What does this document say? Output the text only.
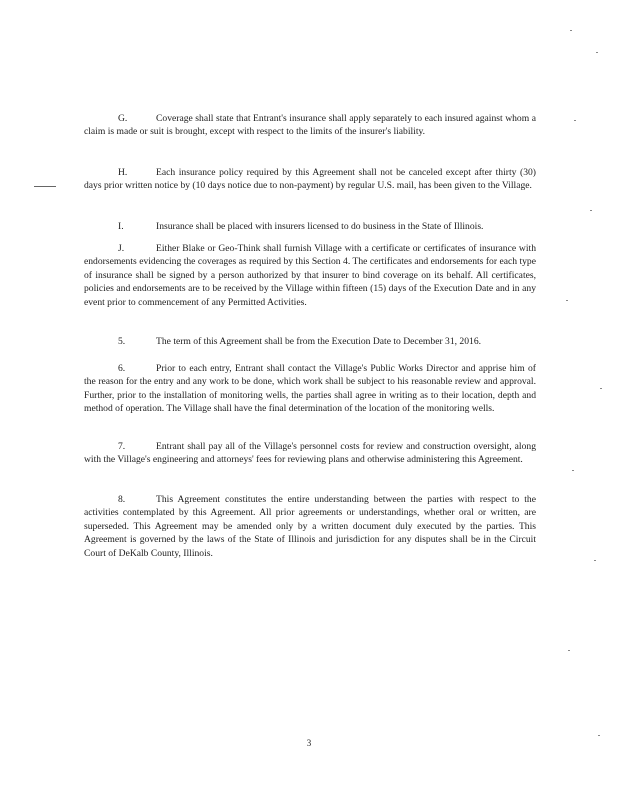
G.	Coverage shall state that Entrant's insurance shall apply separately to each insured against whom a claim is made or suit is brought, except with respect to the limits of the insurer's liability.
H.	Each insurance policy required by this Agreement shall not be canceled except after thirty (30) days prior written notice by (10 days notice due to non-payment) by regular U.S. mail, has been given to the Village.
I.	Insurance shall be placed with insurers licensed to do business in the State of Illinois.
J.	Either Blake or Geo-Think shall furnish Village with a certificate or certificates of insurance with endorsements evidencing the coverages as required by this Section 4. The certificates and endorsements for each type of insurance shall be signed by a person authorized by that insurer to bind coverage on its behalf. All certificates, policies and endorsements are to be received by the Village within fifteen (15) days of the Execution Date and in any event prior to commencement of any Permitted Activities.
5.	The term of this Agreement shall be from the Execution Date to December 31, 2016.
6.	Prior to each entry, Entrant shall contact the Village's Public Works Director and apprise him of the reason for the entry and any work to be done, which work shall be subject to his reasonable review and approval. Further, prior to the installation of monitoring wells, the parties shall agree in writing as to their location, depth and method of operation. The Village shall have the final determination of the location of the monitoring wells.
7.	Entrant shall pay all of the Village's personnel costs for review and construction oversight, along with the Village's engineering and attorneys' fees for reviewing plans and otherwise administering this Agreement.
8.	This Agreement constitutes the entire understanding between the parties with respect to the activities contemplated by this Agreement. All prior agreements or understandings, whether oral or written, are superseded. This Agreement may be amended only by a written document duly executed by the parties. This Agreement is governed by the laws of the State of Illinois and jurisdiction for any disputes shall be in the Circuit Court of DeKalb County, Illinois.
3
